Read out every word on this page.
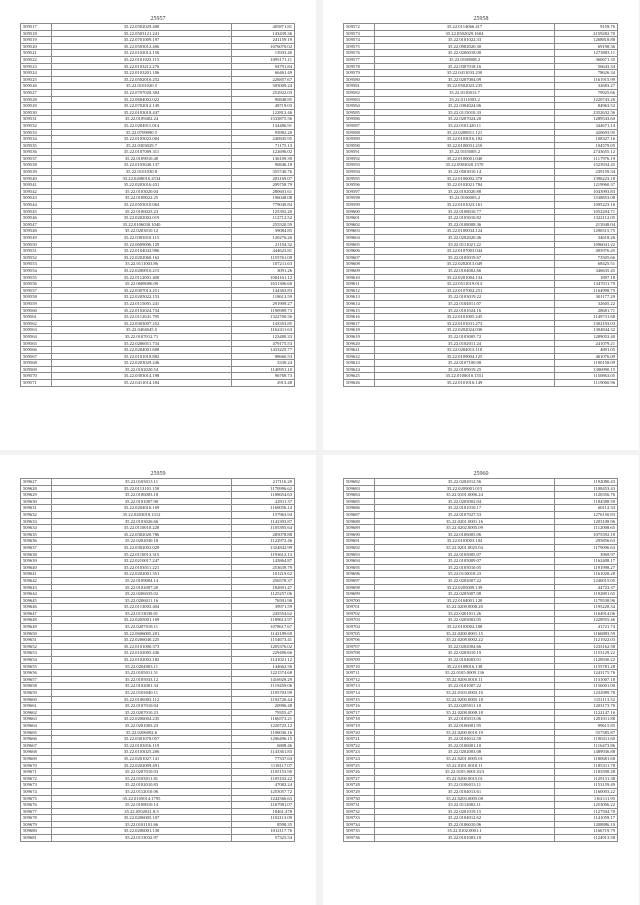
25957
509517	35.22.0502029.408	405871.81
509518	35.22.0503121.241	143439.36
509519	35.22.0701009.197	241159.19
509520	35.22.0503012.406	1676070.02
509521	35.22.0102012.156	13933.40
509522	35.22.0101023.115	1095171.11
509523	35.22.0103212.276	94791.84
509524	35.22.0103201.106	66461.49
509525	35.22.0502010.252	226857.67
509526	35.22.0101020.5	505009.24
509527	35.22.0707020.304	252922.03
509528	35.22.0604002.022	90848.85
509529	35.22.0702012.149	48719.03
509530	35.22.0103018.447	122813.46
509531	35.22.0109402.24	1533875.56
509532	35.22.0204011.014	134486.91
509533	35.22.0709090.5	93982.20
509534	35.22.0105023.004	240845.95
509535	35.22.0303029.7	71175.13
509536	35.22.0107009.311	122696.02
509537	35.22.0109010.40	136109.39
509538	35.22.0103040.137	90846.18
509539	35.22.0101030.8	355740.76
509540	35.22.0208010.2534	203169.07
509541	35.22.0203016.431	209758.79
509542	35.22.0103020.04	280601.61
509543	35.22.0108022.25	196048.08
509544	35.22.0503010.064	779049.84
509545	35.22.0106023.23	125392.20
509546	35.22.0202002.019	112712.52
509547	35.22.0106030.1040	255520.59
509548	35.22.0203010.12	39084.85
509549	35.22.0303010.115	120276.26
509550	35.22.0609006.129	21194.32
509551	35.22.0104043.986	444623.81
509552	35.22.0202060.162	1155761.09
509553	35.22.0111003.86	107211.63
509554	35.22.0200010.215	3091.26
509555	35.22.0112001.400	1004161.12
509556	35.22.0608006.00	1631306.60
509557	35.22.0307012.251	144363.83
509558	35.22.0205022.153	118613.59
509559	35.22.0115001.241	291909.27
509560	35.22.0102024.734	1190989.73
509561	35.22.0112041.795	1322700.56
509562	35.22.0303007.252	143353.85
509563	35.22.0404045.5	1162411.63
509564	35.22.0107012.71	123480.33
509565	35.22.0206011.734	479175.53
509566	35.22.0204001.608	1433225.77
509567	35.22.0101018.882	98666.53
509568	35.22.0203029.246	3330.24
509569	35.22.0102020.54	1140951.10
509570	35.22.0303014.198	96769.73
509571	35.22.0411014.184	2913.48
25958
509572	35.22.0114066.417	9159.76
509573	35.22.0502029.1604	2159282.70
509574	35.22.0101022.33	1268818.88
509575	35.22.0902020.30	69198.36
509576	35.22.0206018.00	1273883.11
509577	35.22.0108008.2	360671.35
509578	35.22.0307018.16	56643.34
509579	35.22.0411033.230	78626.34
509580	35.22.0207004.09	1161915.99
509581	35.22.0502023.235	32683.27
509582	35.22.0110013.7	79925.66
509583	35.22.0111003.2	1220743.26
509584	35.22.0304024.06	84963.52
509585	35.22.0115010.33	2352632.56
509586	35.22.0207024.20	1289543.60
509587	35.22.0101420.11	344671.14
509588	35.22.0208011.121	420693.95
509589	35.22.0103016.182	108327.16
509590	35.22.0100031.210	104579.05
509591	35.22.0103005.2	2743655.12
509592	35.22.0100001.040	1117976.19
509593	35.22.0903020.1570	1523934.45
509594	35.22.0503010.14	239159.34
509595	35.22.0106002.370	1396223.18
509596	35.22.0102021.784	1219960.37
509597	35.22.0102020.88	1043993.83
509598	35.22.0106003.2	1538853.08
509599	35.22.0101023.161	1095223.16
509600	35.22.0108016.77	1052204.71
509601	35.22.0103010.82	1322112.05
509602	35.22.0108008.36	213948.04
509603	35.22.0100034.124	1296515.75
509604	35.22.0202020.46	34618.26
509605	35.22.0111021.22	1096041.22
509606	35.22.0107003.044	495976.45
509607	35.22.0105019.67	73505.66
509608	35.22.0202013.049	68425.51
509609	35.22.0104002.66	346635.45
509610	35.22.0201004.134	1897.18
509611	35.22.0511019.013	1347011.79
509612	35.22.0107002.251	1164998.75
509613	35.22.0103019.22	301177.29
509614	35.22.0104011.07	32605.22
509615	35.22.0101024.16	28681.71
509616	35.22.0101005.245	1149731.68
509617	35.22.0101031.273	1302193.03
509618	35.22.0202024.030	1304844.32
509619	35.22.0103005.72	1289053.40
509620	35.22.0102011.24	241079.21
509621	35.22.0204013.110	4891.05
509622	35.22.0109004.125	461076.09
509623	35.22.0107100.08	1190158.09
509624	35.22.0109019.25	1306990.15
509625	35.22.0100010.1551	1150863.05
509626	35.22.0101016.149	1119060.96
25959
509627	35.22.0103013.11	217116.29
509628	35.22.0113101.150	1170996.62
509629	35.22.0106003.18	1108654.63
509630	35.22.0101007.90	22911.37
509631	35.22.0204016.169	1160056.14
509632	35.22.0203018.1312	157963.94
509633	35.22.0103026.66	1142393.87
509634	35.22.0110010.228	1105395.64
509635	35.22.0302020.786	285078.88
509636	35.22.0202030.18	1122972.46
509637	35.22.0302002.029	1324842.99
509638	35.22.0110013.315	1193612.13
509639	35.22.0210017.247	143864.87
509640	35.22.0103011.221	253639.79
509641	35.22.0202001.351	101219.62
509642	35.22.0109004.14	256578.37
509643	35.22.0102007.20	182691.47
509644	35.22.0206035.02	1125257.06
509645	35.22.0206011.16	76591.96
509646	35.22.0113003.404	39971.59
509647	35.22.0113030.01	245554.62
509648	35.22.0205001.169	1189613.97
509649	35.22.0207018.11	1078617.67
509650	35.22.0606005.201	1142189.69
509651	35.22.0206040.225	1154673.41
509652	35.22.0101000.373	1205376.02
509653	35.22.0102005.436	229496.66
509654	35.22.0102002.182	1141021.12
509655	35.22.0204003.11	144662.56
509656	35.22.0105011.51	1221574.68
509657	35.22.0105033.12	1416929.29
509658	35.22.0102001.34	1119459.06
509659	35.22.0103040.11	1195703.99
509660	35.22.0106003.112	1192720.44
509661	35.22.0107010.04	20996.48
509662	35.22.0207010.23	79355.47
509663	35.22.0206004.235	1166573.21
509664	35.22.0201003.23	1220725.12
509665	35.22.0206002.6	1106036.16
509666	35.22.0301078.057	1206496.15
509667	35.22.0103016.119	6808.46
509668	35.22.0103025.206	1143361.83
509669	35.22.0201027.141	77337.63
509670	35.22.0202009.491	1118117.07
509671	35.22.0207010.03	1105153.90
509672	35.22.0103011.81	1105102.22
509673	35.22.0102010.83	47082.24
509674	35.22.0112010.06	1255057.72
509675	35.22.0105014.1795	1242566.63
509676	35.22.0108010.14	1167981.07
509677	35.22.0502021.8.5	18461.478
509678	35.22.0206005.107	1102113.09
509679	35.22.0101101.66	8598.35
509680	35.22.0206001.130	1012117.76
509681	35.22.0113032.97	57325.54
25960
509682	35.22.0202012.56	1192080.43
509683	35.22.0209001.015	1108453.43
509684	35.22.0101.0006.24	1120356.76
509685	35.22.0203002.04	1184588.59
509686	35.22.0101010.17	60112.33
509687	35.22.0107027.53	1276150.83
509688	35.22.0201.0001.16	1203108.96
509689	35.22.0202.0005.09	1112008.65
509690	35.22.0106005.06	1075592.18
509691	35.22.0103003.104	295856.63
509692	35.22.0201.0025.04	1179096.63
509693	35.22.0105005.07	3969.97
509694	35.22.0105009.07	1162408.17
509695	35.22.0105010.05	1191998.27
509696	35.22.0110018.23	1161028.28
509697	35.22.0202007.22	1246015.05
509698	35.22.0205009.139	44723.37
509699	35.22.0205007.08	1192801.65
509700	35.22.0104001.120	1179538.96
509701	35.22.0208.0008.20	1195228.34
509702	35.22.0201011.26	1164914.06
509703	35.22.0203002.05	1228955.46
509704	35.22.0103002.108	41721.74
509705	35.22.0200.0001.15	1166883.59
509706	35.22.0208.0002.22	1121922.03
509707	35.22.0202004.66	1233162.58
509708	35.22.0203010.19	1153129.22
509709	35.22.0104003.01	1128930.22
509710	35.22.0108016.138	1155781.28
509711	35.22.0105.0009.136	1243175.76
509712	35.22.0200.0010.11	1131007.18
509713	35.22.0101007.22	1156001.00
509714	35.22.0103.0003.10	1232989.78
509715	35.22.0200.0005.18	1151113.52
509716	35.22.0205011.10	1203173.70
509717	35.22.0208.0008.18	1122147.16
509718	35.22.0105013.06	1201011.88
509719	35.22.0106001.95	99615.85
509720	35.22.0200.0010.19	557585.87
509721	35.22.0104012.50	1190411.60
509722	35.22.0106001.10	1116473.86
509723	35.22.0202003.08	1489936.88
509724	35.22.0201.0005.01	1180681.68
509725	35.22.0101.0010.11	1185311.78
509726	35.22.0105.0001.023	1183598.28
509727	35.22.0200.0015.01	1129131.38
509728	35.22.0106013.11	1153159.49
509729	35.22.0104013.61	1160003.22
509730	35.22.0203.0005.08	1161111.95
509731	35.22.0112002.11	1253006.22
509732	35.22.0201019.15	1127504.70
509733	35.22.0104012.62	1141059.17
509734	35.22.0106010.06	1208886.10
509735	35.22.0102.0001.1	1166719.79
509736	35.22.0101003.18	1124913.58
